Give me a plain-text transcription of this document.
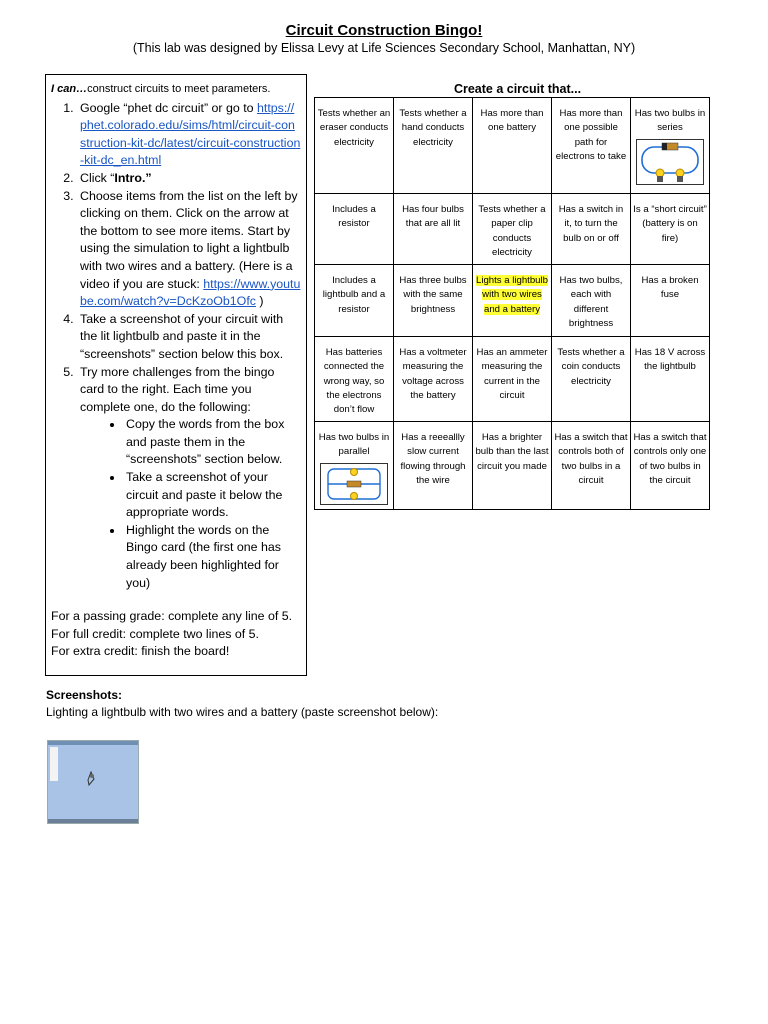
Circuit Construction Bingo!
(This lab was designed by Elissa Levy at Life Sciences Secondary School, Manhattan, NY)
I can…construct circuits to meet parameters.
1. Google “phet dc circuit” or go to https://phet.colorado.edu/sims/html/circuit-construction-kit-dc/latest/circuit-construction-kit-dc_en.html
2. Click “Intro.”
3. Choose items from the list on the left by clicking on them. Click on the arrow at the bottom to see more items. Start by using the simulation to light a lightbulb with two wires and a battery. (Here is a video if you are stuck: https://www.youtube.com/watch?v=DcKzoOb1Ofc )
4. Take a screenshot of your circuit with the lit lightbulb and paste it in the “screenshots” section below this box.
5. Try more challenges from the bingo card to the right. Each time you complete one, do the following:
• Copy the words from the box and paste them in the “screenshots” section below.
• Take a screenshot of your circuit and paste it below the appropriate words.
• Highlight the words on the Bingo card (the first one has already been highlighted for you)
For a passing grade: complete any line of 5.
For full credit: complete two lines of 5.
For extra credit: finish the board!
Create a circuit that...
Tests whether an eraser conducts electricity	Tests whether a hand conducts electricity	Has more than one battery	Has more than one possible path for electrons to take	Has two bulbs in series

Includes a resistor	Has four bulbs that are all lit	Tests whether a paper clip conducts electricity	Has a switch in it, to turn the bulb on or off	Is a “short circuit” (battery is on fire)
Includes a lightbulb and a resistor	Has three bulbs with the same brightness	Lights a lightbulb with two wires and a battery	Has two bulbs, each with different brightness	Has a broken fuse
Has batteries connected the wrong way, so the electrons don’t flow	Has a voltmeter measuring the voltage across the battery	Has an ammeter measuring the current in the circuit	Tests whether a coin conducts electricity	Has 18 V across the lightbulb
Has two bulbs in parallel	Has a reeeallly slow current flowing through the wire	Has a brighter bulb than the last circuit you made	Has a switch that controls both of two bulbs in a circuit	Has a switch that controls only one of two bulbs in the circuit
Screenshots:
Lighting a lightbulb with two wires and a battery (paste screenshot below):
